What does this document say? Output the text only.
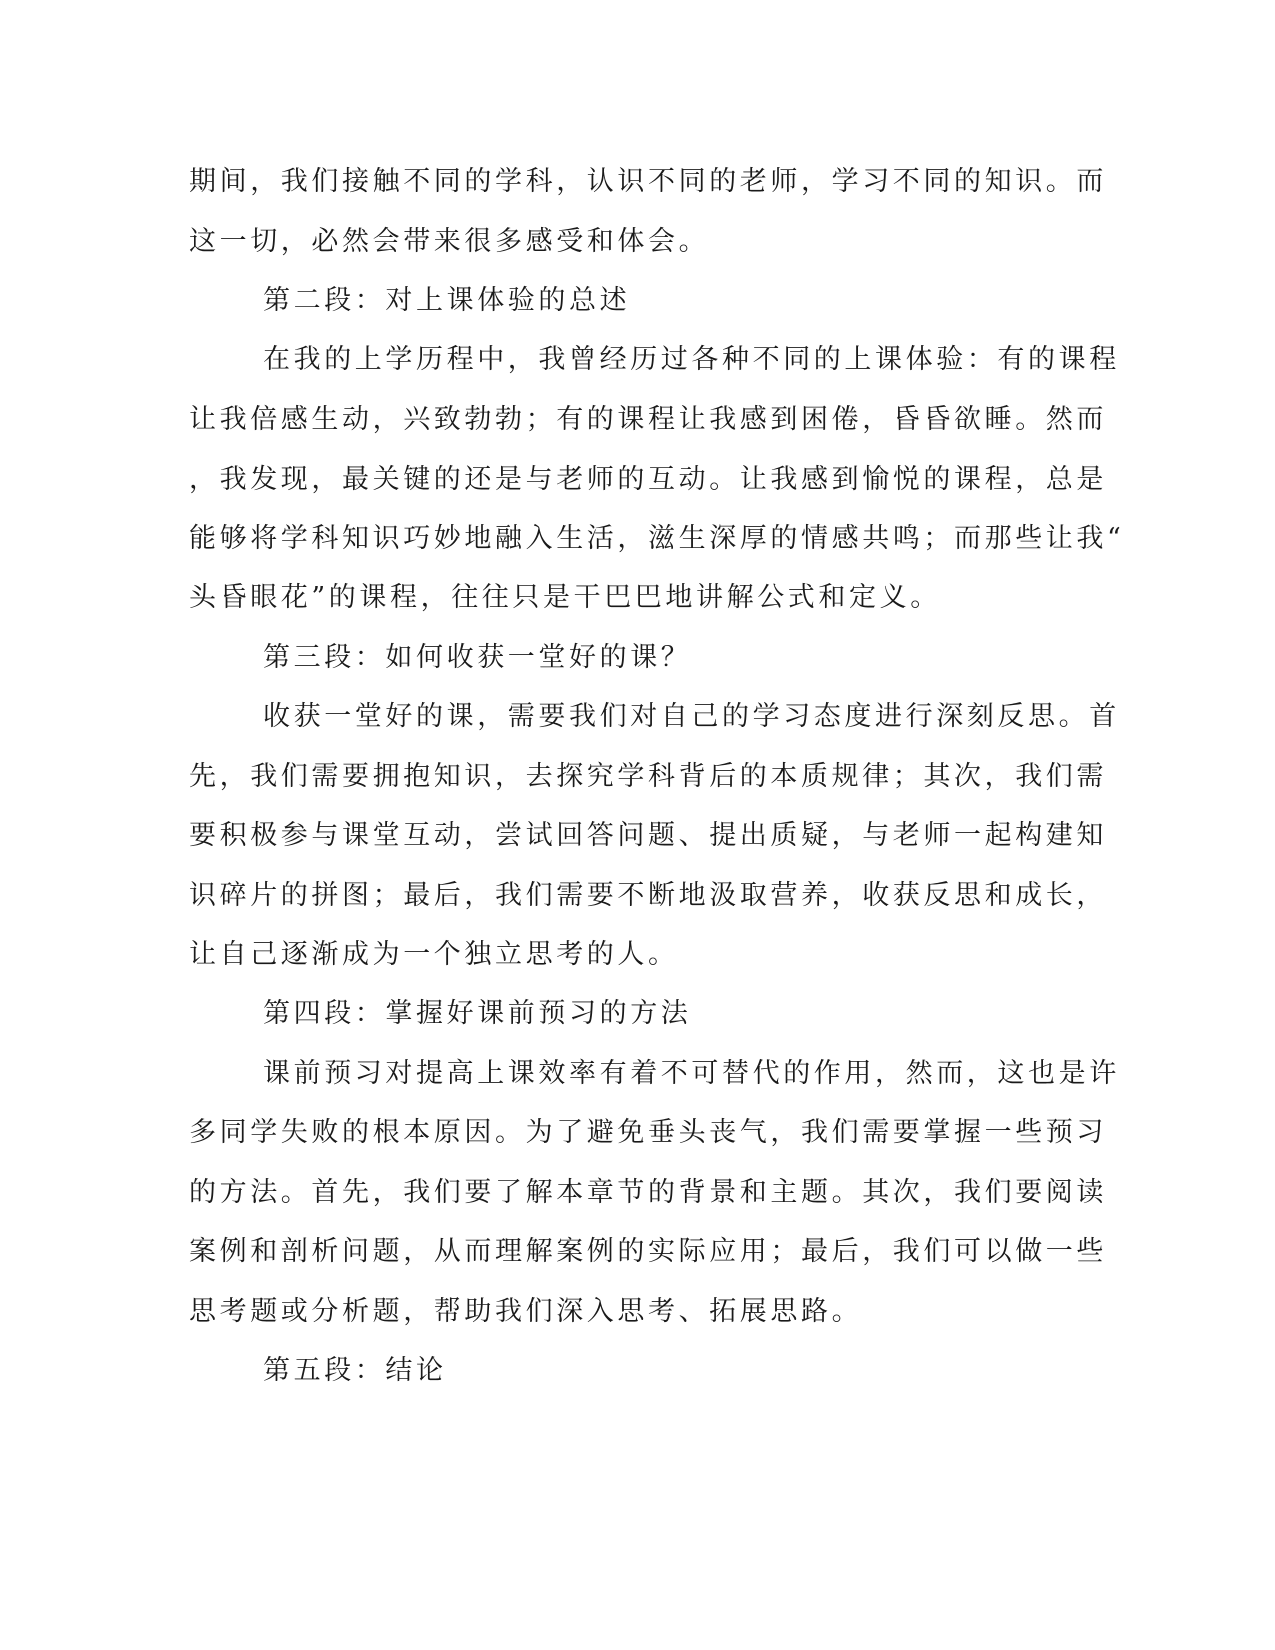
期间，我们接触不同的学科，认识不同的老师，学习不同的知识。而
这一切，必然会带来很多感受和体会。
第二段：对上课体验的总述
在我的上学历程中，我曾经历过各种不同的上课体验：有的课程
让我倍感生动，兴致勃勃；有的课程让我感到困倦，昏昏欲睡。然而
，我发现，最关键的还是与老师的互动。让我感到愉悦的课程，总是
能够将学科知识巧妙地融入生活，滋生深厚的情感共鸣；而那些让我“
头昏眼花”的课程，往往只是干巴巴地讲解公式和定义。
第三段：如何收获一堂好的课？
收获一堂好的课，需要我们对自己的学习态度进行深刻反思。首
先，我们需要拥抱知识，去探究学科背后的本质规律；其次，我们需
要积极参与课堂互动，尝试回答问题、提出质疑，与老师一起构建知
识碎片的拼图；最后，我们需要不断地汲取营养，收获反思和成长，
让自己逐渐成为一个独立思考的人。
第四段：掌握好课前预习的方法
课前预习对提高上课效率有着不可替代的作用，然而，这也是许
多同学失败的根本原因。为了避免垂头丧气，我们需要掌握一些预习
的方法。首先，我们要了解本章节的背景和主题。其次，我们要阅读
案例和剖析问题，从而理解案例的实际应用；最后，我们可以做一些
思考题或分析题，帮助我们深入思考、拓展思路。
第五段：结论
